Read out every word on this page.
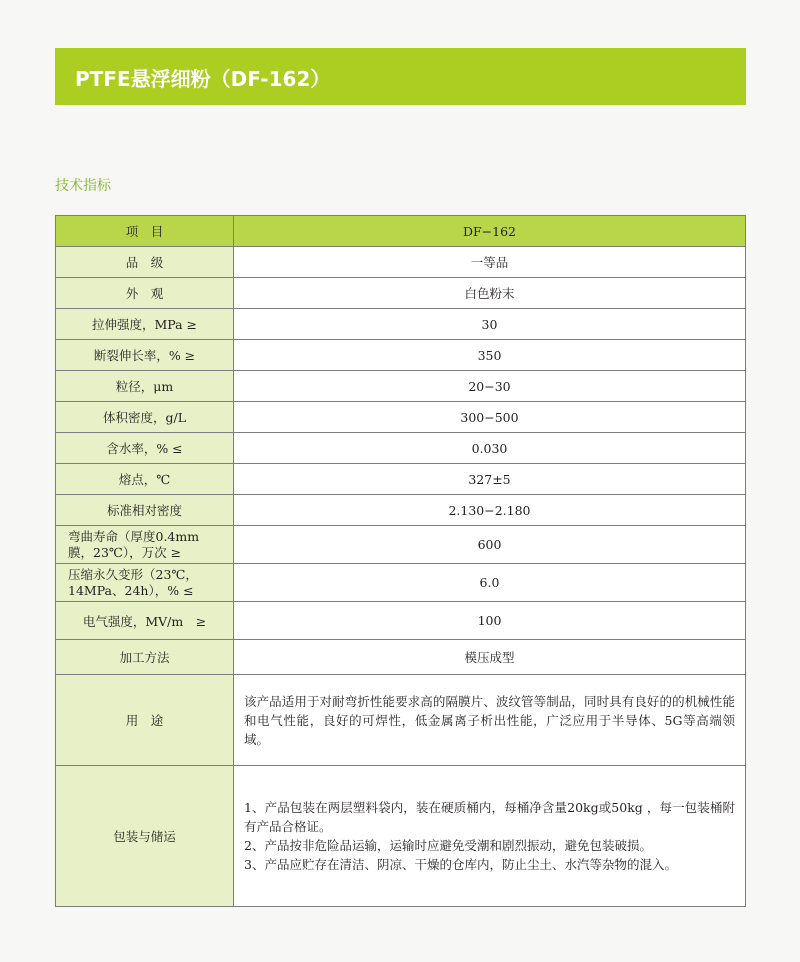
PTFE悬浮细粉（DF-162）
技术指标
项　目	DF−162
品　级	一等品
外　观	白色粉末
拉伸强度，MPa ≥	30
断裂伸长率，% ≥	350
粒径，μm	20−30
体积密度，g/L	300−500
含水率，% ≤	0.030
熔点，℃	327±5
标准相对密度	2.130−2.180

弯曲寿命（厚度0.4mm
膜，23℃），万次 ≥	600

压缩永久变形（23℃，
14MPa、24h），% ≤	6.0
电气强度，MV/m　≥	100
加工方法	模压成型
用　途	该产品适用于对耐弯折性能要求高的隔膜片、波纹管等制品，同时具有良好的的机械性能和电气性能，良好的可焊性，低金属离子析出性能，广泛应用于半导体、5G等高端领域。
包装与储运	1、产品包装在两层塑料袋内，装在硬质桶内，每桶净含量20kg或50kg ，每一包装桶附有产品合格证。
2、产品按非危险品运输，运输时应避免受潮和剧烈振动，避免包装破损。
3、产品应贮存在清洁、阴凉、干燥的仓库内，防止尘土、水汽等杂物的混入。
